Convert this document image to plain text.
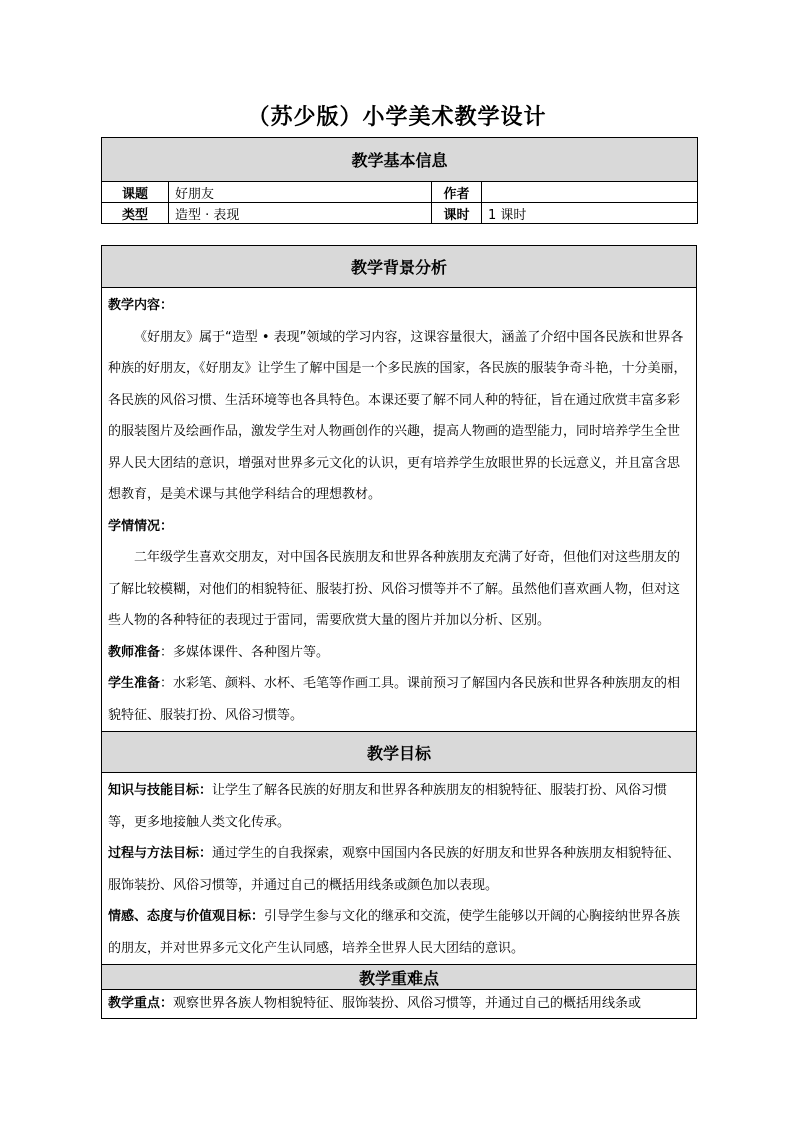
（苏少版）小学美术教学设计
教学基本信息			
课题	好朋友	作者	
类型	造型 · 表现	课时	1 课时
教学背景分析

教学内容：

《好朋友》属于“造型 • 表现”领域的学习内容，这课容量很大，涵盖了介绍中国各民族和世界各种族的好朋友，《好朋友》让学生了解中国是一个多民族的国家，各民族的服装争奇斗艳，十分美丽，各民族的风俗习惯、生活环境等也各具特色。本课还要了解不同人种的特征，旨在通过欣赏丰富多彩的服装图片及绘画作品，激发学生对人物画创作的兴趣，提高人物画的造型能力，同时培养学生全世界人民大团结的意识，增强对世界多元文化的认识，更有培养学生放眼世界的长远意义，并且富含思想教育，是美术课与其他学科结合的理想教材。

学情情况：

二年级学生喜欢交朋友，对中国各民族朋友和世界各种族朋友充满了好奇，但他们对这些朋友的了解比较模糊，对他们的相貌特征、服装打扮、风俗习惯等并不了解。虽然他们喜欢画人物，但对这些人物的各种特征的表现过于雷同，需要欣赏大量的图片并加以分析、区别。

教师准备：多媒体课件、各种图片等。

学生准备：水彩笔、颜料、水杯、毛笔等作画工具。课前预习了解国内各民族和世界各种族朋友的相貌特征、服装打扮、风俗习惯等。

教学目标

知识与技能目标：让学生了解各民族的好朋友和世界各种族朋友的相貌特征、服装打扮、风俗习惯等，更多地接触人类文化传承。

过程与方法目标：通过学生的自我探索，观察中国国内各民族的好朋友和世界各种族朋友相貌特征、服饰装扮、风俗习惯等，并通过自己的概括用线条或颜色加以表现。

情感、态度与价值观目标：引导学生参与文化的继承和交流，使学生能够以开阔的心胸接纳世界各族的朋友，并对世界多元文化产生认同感，培养全世界人民大团结的意识。

教学重难点

教学重点：观察世界各族人物相貌特征、服饰装扮、风俗习惯等，并通过自己的概括用线条或
